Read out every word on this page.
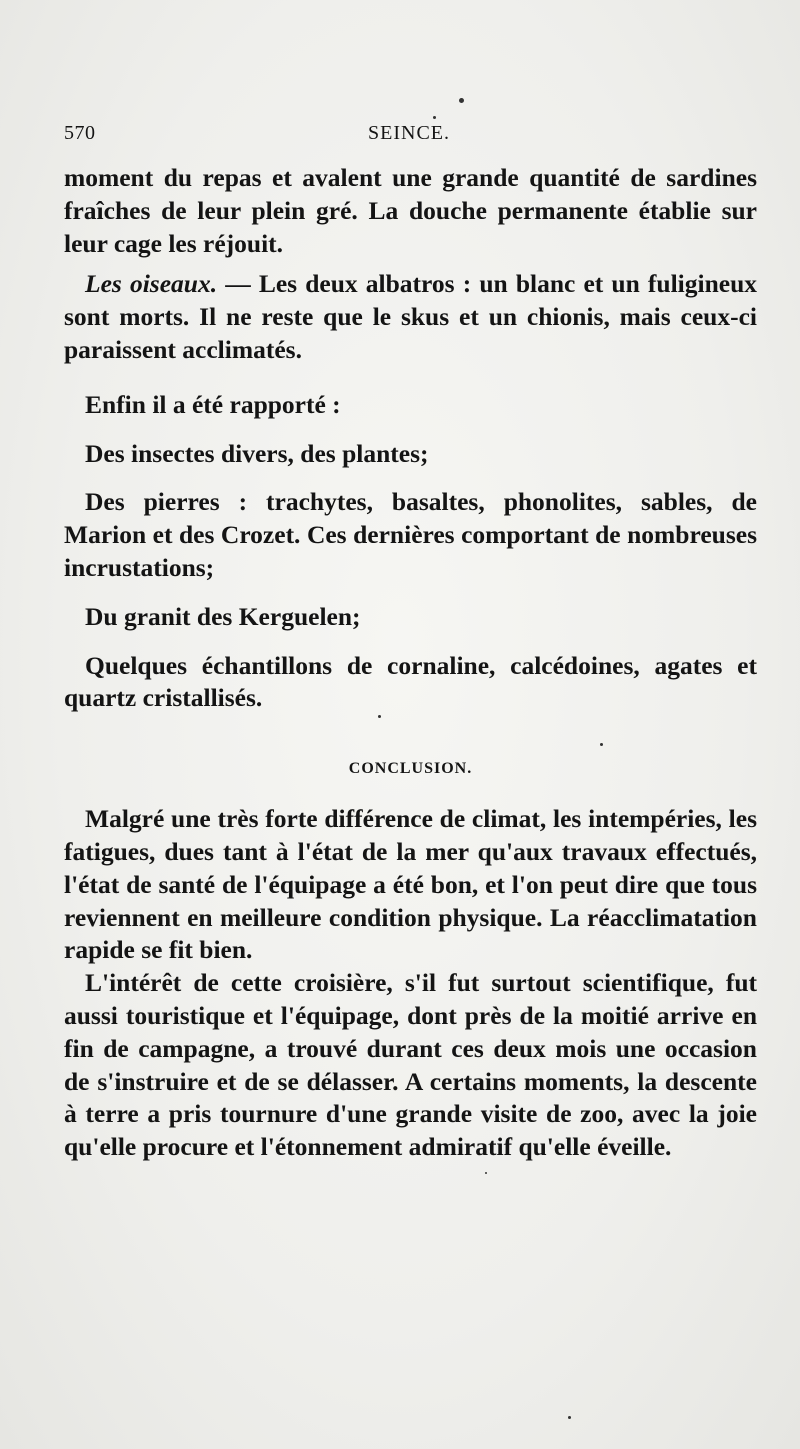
570	SEINCE.

moment du repas et avalent une grande quantité de sardines fraîches de leur plein gré. La douche permanente établie sur leur cage les réjouit.

Les oiseaux. — Les deux albatros : un blanc et un fuligineux sont morts. Il ne reste que le skus et un chionis, mais ceux-ci paraissent acclimatés.

Enfin il a été rapporté :

Des insectes divers, des plantes;

Des pierres : trachytes, basaltes, phonolites, sables, de Marion et des Crozet. Ces dernières comportant de nombreuses incrustations;

Du granit des Kerguelen;

Quelques échantillons de cornaline, calcédoines, agates et quartz cristallisés.

CONCLUSION.

Malgré une très forte différence de climat, les intempéries, les fatigues, dues tant à l'état de la mer qu'aux travaux effectués, l'état de santé de l'équipage a été bon, et l'on peut dire que tous reviennent en meilleure condition physique. La réacclimatation rapide se fit bien.

L'intérêt de cette croisière, s'il fut surtout scientifique, fut aussi touristique et l'équipage, dont près de la moitié arrive en fin de campagne, a trouvé durant ces deux mois une occasion de s'instruire et de se délasser. A certains moments, la descente à terre a pris tournure d'une grande visite de zoo, avec la joie qu'elle procure et l'étonnement admiratif qu'elle éveille.
